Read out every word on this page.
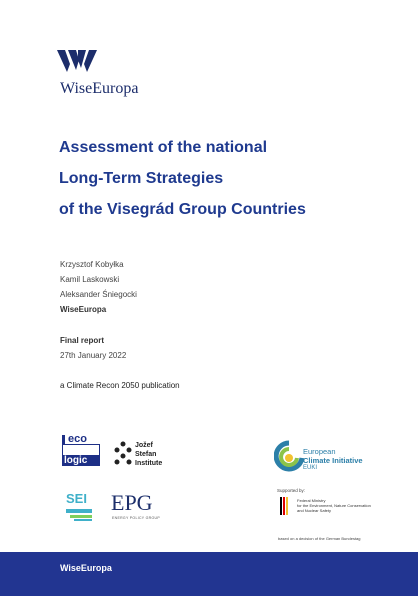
WiseEuropa
Assessment of the national
Long-Term Strategies
of the Visegrád Group Countries
Krzysztof Kobyłka
Kamil Laskowski
Aleksander Śniegocki
WiseEuropa
Final report
27th January 2022
a Climate Recon 2050 publication
eco
logic
Jožef
Stefan
Institute
SEI EPG
ENERGY POLICY GROUP
European
Climate Initiative
EUKI
Supported by:
Federal Ministry
for the Environment, Nature Conservation
and Nuclear Safety
based on a decision of the German Bundestag
WiseEuropa
